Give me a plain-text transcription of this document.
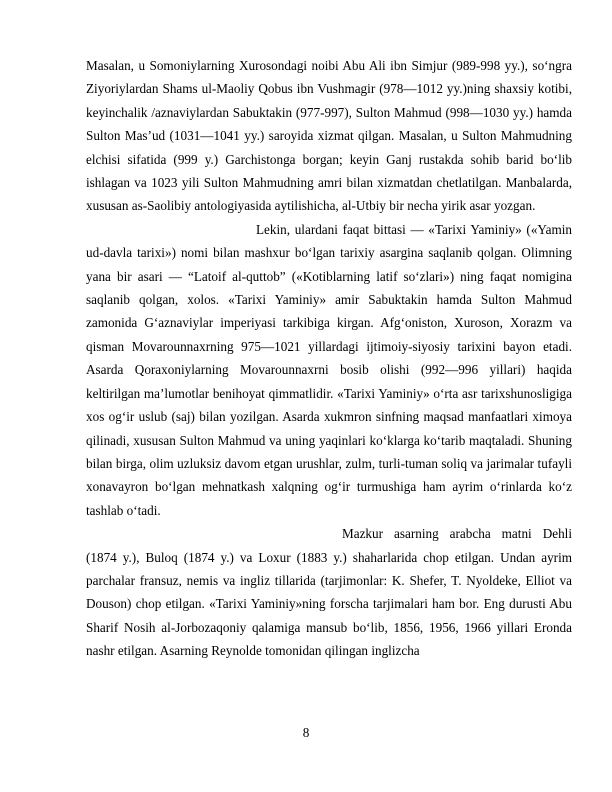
Masalan, u Somoniylarning Xurosondagi noibi Abu Ali ibn Simjur (989-998 yy.), so‘ngra Ziyoriylardan Shams ul-Maoliy Qobus ibn Vushmagir (978—1012 yy.)ning shaxsiy kotibi, keyinchalik /aznaviylardan Sabuktakin (977-997), Sulton Mahmud (998—1030 yy.) hamda Sulton Mas’ud (1031—1041 yy.) saroyida xizmat qilgan. Masalan, u Sulton Mahmudning elchisi sifatida (999 y.) Garchistonga borgan; keyin Ganj rustakda sohib barid bo‘lib ishlagan va 1023 yili Sulton Mahmudning amri bilan xizmatdan chetlatilgan. Manbalarda, xususan as-Saolibiy antologiyasida aytilishicha, al-Utbiy bir necha yirik asar yozgan.

Lekin, ulardani faqat bittasi — «Tarixi Yaminiy» («Yamin ud-davla tarixi») nomi bilan mashxur bo‘lgan tarixiy asargina saqlanib qolgan. Olimning yana bir asari — “Latoif al-quttob” («Kotiblarning latif so‘zlari») ning faqat nomigina saqlanib qolgan, xolos. «Tarixi Yaminiy» amir Sabuktakin hamda Sulton Mahmud zamonida G‘aznaviylar imperiyasi tarkibiga kirgan. Afg‘oniston, Xuroson, Xorazm va qisman Movarounnaxrning 975—1021 yillardagi ijtimoiy-siyosiy tarixini bayon etadi. Asarda Qoraxoniylarning Movarounnaxrni bosib olishi (992—996 yillari) haqida keltirilgan ma’lumotlar benihoyat qimmatlidir. «Tarixi Yaminiy» o‘rta asr tarixshunosligiga xos og‘ir uslub (saj) bilan yozilgan. Asarda xukmron sinfning maqsad manfaatlari ximoya qilinadi, xususan Sulton Mahmud va uning yaqinlari ko‘klarga ko‘tarib maqtaladi. Shuning bilan birga, olim uzluksiz davom etgan urushlar, zulm, turli-tuman soliq va jarimalar tufayli xonavayron bo‘lgan mehnatkash xalqning og‘ir turmushiga ham ayrim o‘rinlarda ko‘z tashlab o‘tadi.

Mazkur asarning arabcha matni Dehli (1874 y.), Buloq (1874 y.) va Loxur (1883 y.) shaharlarida chop etilgan. Undan ayrim parchalar fransuz, nemis va ingliz tillarida (tarjimonlar: K. Shefer, T. Nyoldeke, Elliot va Douson) chop etilgan. «Tarixi Yaminiy»ning forscha tarjimalari ham bor. Eng durusti Abu Sharif Nosih al-Jorbozaqoniy qalamiga mansub bo‘lib, 1856, 1956, 1966 yillari Eronda nashr etilgan. Asarning Reynolde tomonidan qilingan inglizcha

8
